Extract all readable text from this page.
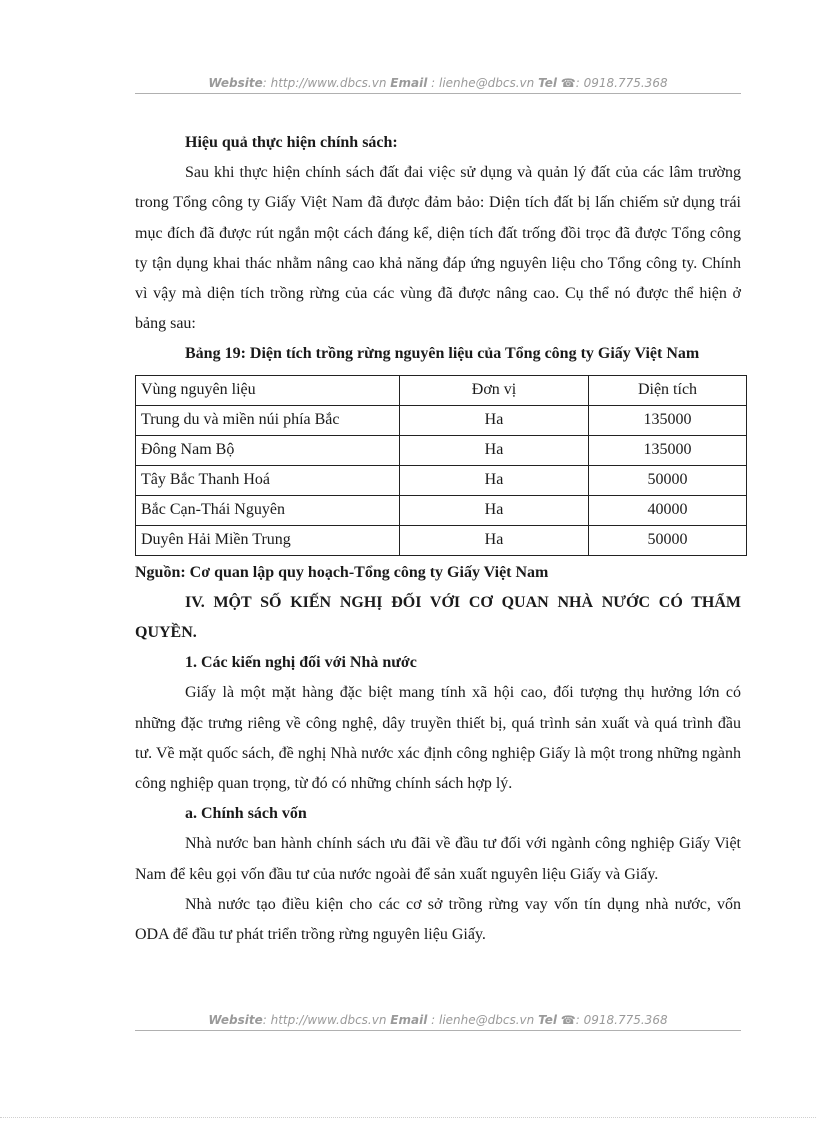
Website: http://www.dbcs.vn Email : lienhe@dbcs.vn Tel ☎: 0918.775.368

Hiệu quả thực hiện chính sách:

Sau khi thực hiện chính sách đất đai việc sử dụng và quản lý đất của các lâm trường trong Tổng công ty Giấy Việt Nam đã được đảm bảo: Diện tích đất bị lấn chiếm sử dụng trái mục đích đã được rút ngắn một cách đáng kể, diện tích đất trống đồi trọc đã được Tổng công ty tận dụng khai thác nhằm nâng cao khả năng đáp ứng nguyên liệu cho Tổng công ty. Chính vì vậy mà diện tích trồng rừng của các vùng đã được nâng cao. Cụ thể nó được thể hiện ở bảng sau:

Bảng 19: Diện tích trồng rừng nguyên liệu của Tổng công ty Giấy Việt Nam

Vùng nguyên liệu	Đơn vị	Diện tích
Trung du và miền núi phía Bắc	Ha	135000
Đông Nam Bộ	Ha	135000
Tây Bắc Thanh Hoá	Ha	50000
Bắc Cạn-Thái Nguyên	Ha	40000
Duyên Hải Miền Trung	Ha	50000

Nguồn: Cơ quan lập quy hoạch-Tổng công ty Giấy Việt Nam

IV. MỘT SỐ KIẾN NGHỊ ĐỐI VỚI CƠ QUAN NHÀ NƯỚC CÓ THẨM QUYỀN.

1. Các kiến nghị đối với Nhà nước

Giấy là một mặt hàng đặc biệt mang tính xã hội cao, đối tượng thụ hưởng lớn có những đặc trưng riêng về công nghệ, dây truyền thiết bị, quá trình sản xuất và quá trình đầu tư. Về mặt quốc sách, đề nghị Nhà nước xác định công nghiệp Giấy là một trong những ngành công nghiệp quan trọng, từ đó có những chính sách hợp lý.

a. Chính sách vốn

Nhà nước ban hành chính sách ưu đãi về đầu tư đối với ngành công nghiệp Giấy Việt Nam để kêu gọi vốn đầu tư của nước ngoài để sản xuất nguyên liệu Giấy và Giấy.

Nhà nước tạo điều kiện cho các cơ sở trồng rừng vay vốn tín dụng nhà nước, vốn ODA để đầu tư phát triển trồng rừng nguyên liệu Giấy.

Website: http://www.dbcs.vn Email : lienhe@dbcs.vn Tel ☎: 0918.775.368
